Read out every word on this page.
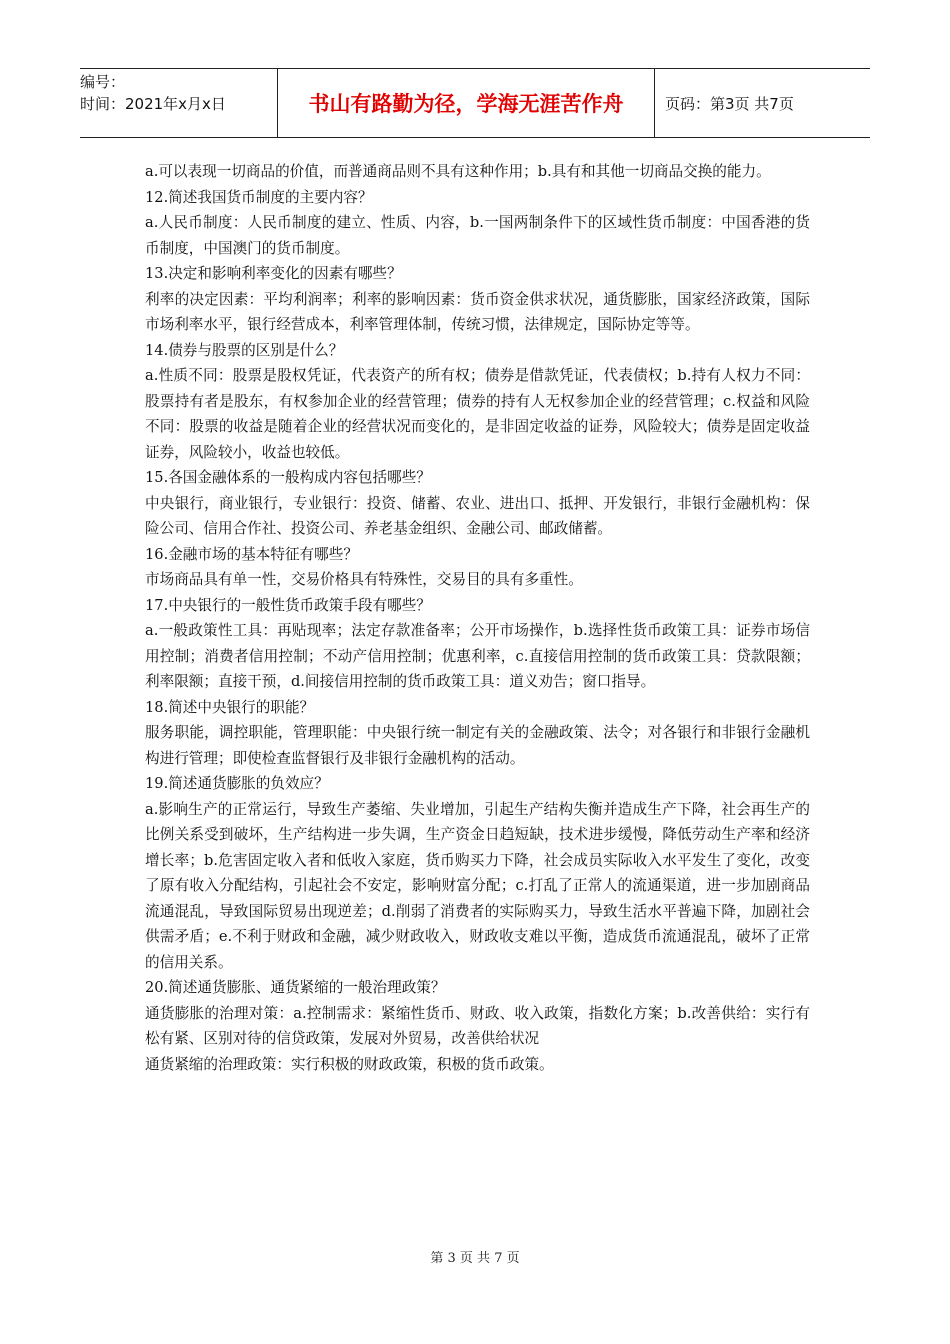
编号：
时间：2021年x月x日	书山有路勤为径，学海无涯苦作舟	页码：第3页 共7页

a.可以表现一切商品的价值，而普通商品则不具有这种作用；b.具有和其他一切商品交换的能力。

12.简述我国货币制度的主要内容？

a.人民币制度：人民币制度的建立、性质、内容，b.一国两制条件下的区域性货币制度：中国香港的货币制度，中国澳门的货币制度。

13.决定和影响利率变化的因素有哪些？

利率的决定因素：平均利润率；利率的影响因素：货币资金供求状况，通货膨胀，国家经济政策，国际市场利率水平，银行经营成本，利率管理体制，传统习惯，法律规定，国际协定等等。

14.债券与股票的区别是什么？

a.性质不同：股票是股权凭证，代表资产的所有权；债券是借款凭证，代表债权；b.持有人权力不同：股票持有者是股东，有权参加企业的经营管理；债券的持有人无权参加企业的经营管理；c.权益和风险不同：股票的收益是随着企业的经营状况而变化的，是非固定收益的证券，风险较大；债券是固定收益证券，风险较小，收益也较低。

15.各国金融体系的一般构成内容包括哪些？

中央银行，商业银行，专业银行：投资、储蓄、农业、进出口、抵押、开发银行，非银行金融机构：保险公司、信用合作社、投资公司、养老基金组织、金融公司、邮政储蓄。

16.金融市场的基本特征有哪些？

市场商品具有单一性，交易价格具有特殊性，交易目的具有多重性。

17.中央银行的一般性货币政策手段有哪些？

a.一般政策性工具：再贴现率；法定存款准备率；公开市场操作，b.选择性货币政策工具：证券市场信用控制；消费者信用控制；不动产信用控制；优惠利率，c.直接信用控制的货币政策工具：贷款限额；利率限额；直接干预，d.间接信用控制的货币政策工具：道义劝告；窗口指导。

18.简述中央银行的职能？

服务职能，调控职能，管理职能：中央银行统一制定有关的金融政策、法令；对各银行和非银行金融机构进行管理；即使检查监督银行及非银行金融机构的活动。

19.简述通货膨胀的负效应？

a.影响生产的正常运行，导致生产萎缩、失业增加，引起生产结构失衡并造成生产下降，社会再生产的比例关系受到破坏，生产结构进一步失调，生产资金日趋短缺，技术进步缓慢，降低劳动生产率和经济增长率；b.危害固定收入者和低收入家庭，货币购买力下降，社会成员实际收入水平发生了变化，改变了原有收入分配结构，引起社会不安定，影响财富分配；c.打乱了正常人的流通渠道，进一步加剧商品流通混乱，导致国际贸易出现逆差；d.削弱了消费者的实际购买力，导致生活水平普遍下降，加剧社会供需矛盾；e.不利于财政和金融，减少财政收入，财政收支难以平衡，造成货币流通混乱，破坏了正常的信用关系。

20.简述通货膨胀、通货紧缩的一般治理政策？

通货膨胀的治理对策：a.控制需求：紧缩性货币、财政、收入政策，指数化方案；b.改善供给：实行有松有紧、区别对待的信贷政策，发展对外贸易，改善供给状况

通货紧缩的治理政策：实行积极的财政政策，积极的货币政策。

第 3 页 共 7 页
